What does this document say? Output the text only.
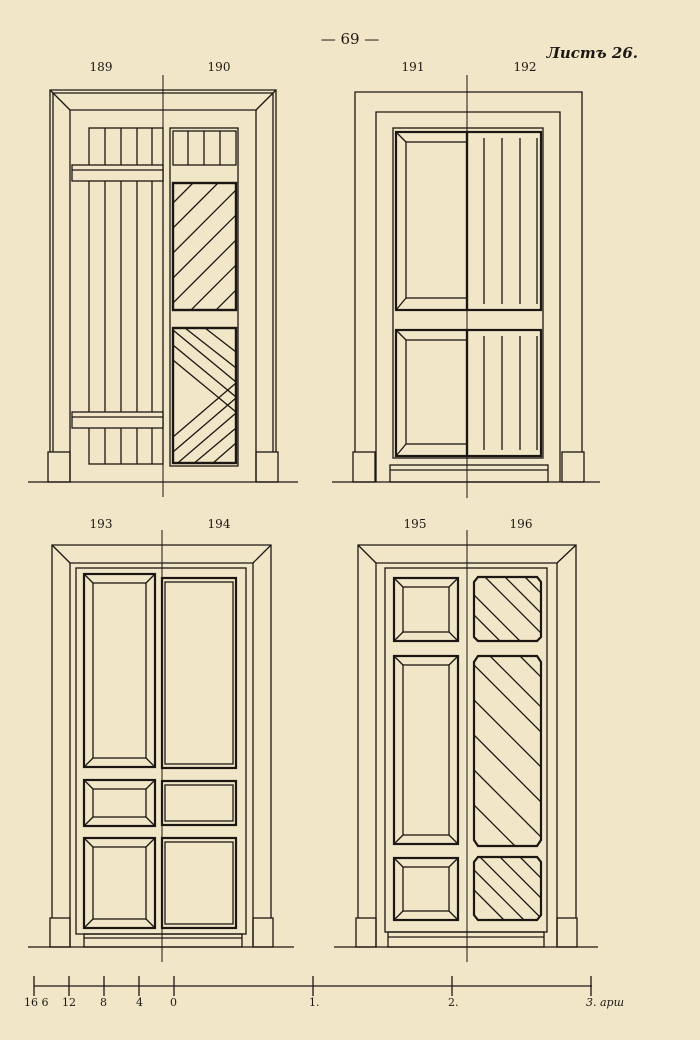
— 69 —
Листъ 26.
189	190	191	192
193	194	195	196
16 6 12 8	4 0	1.	2.	3. арш
